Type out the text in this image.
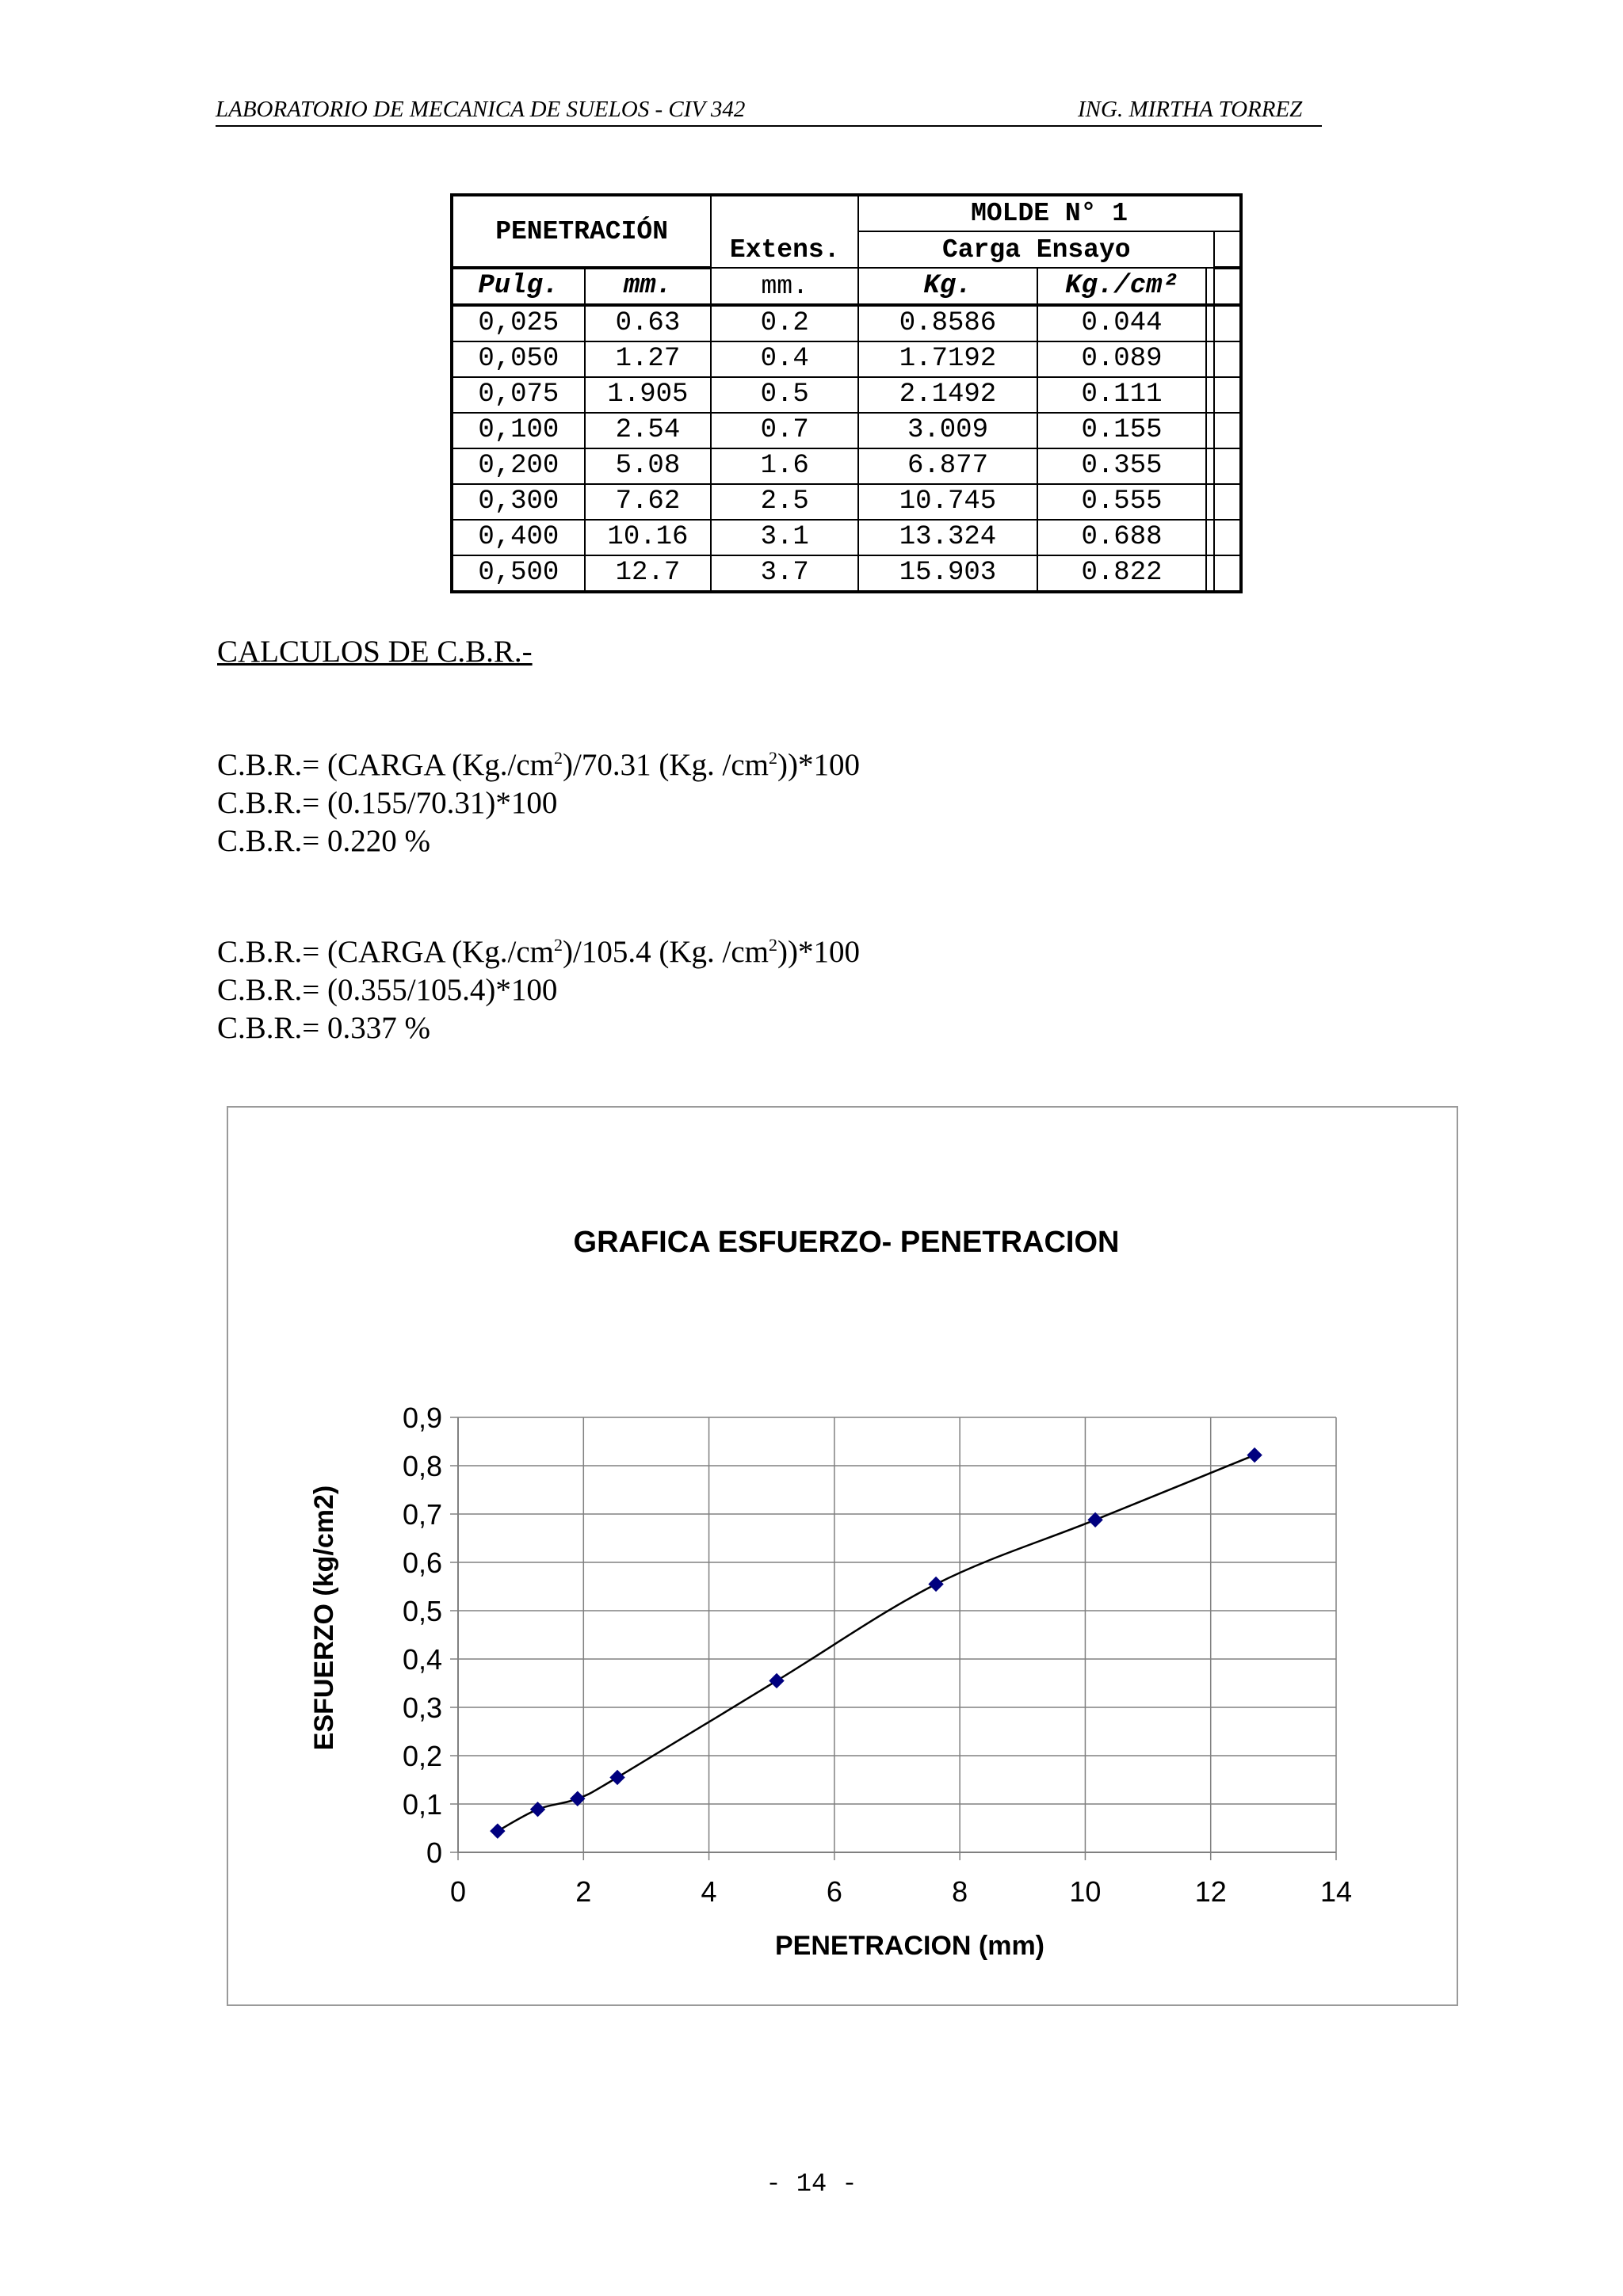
LABORATORIO DE MECANICA DE SUELOS - CIV 342	ING. MIRTHA TORREZ
PENETRACIÓN		Extens.	MOLDE N° 1			
			Carga Ensayo			
Pulg.	mm.	mm.	Kg.	Kg./cm²		
0,025	0.63	0.2	0.8586	0.044		
0,050	1.27	0.4	1.7192	0.089		
0,075	1.905	0.5	2.1492	0.111		
0,100	2.54	0.7	3.009	0.155		
0,200	5.08	1.6	6.877	0.355		
0,300	7.62	2.5	10.745	0.555		
0,400	10.16	3.1	13.324	0.688		
0,500	12.7	3.7	15.903	0.822		
CALCULOS DE C.B.R.-
C.B.R.= (CARGA $(Kg./cm^2)/70.31$ (Kg. $/cm^2))*100$
C.B.R.= (0.155/70.31)*100
C.B.R.= 0.220 %
C.B.R.= (CARGA $(Kg./cm^2)/105.4$ (Kg. $/cm^2))*100$
C.B.R.= (0.355/105.4)*100
C.B.R.= 0.337 %
GRAFICA ESFUERZO- PENETRACION
0	2	4	6	8	10	12	14
0
0,1
0,2
0,3
0,4
0,5
0,6
0,7
0,8
0,9
PENETRACION (mm)
ESFUERZO (kg/cm2)
- 14 -
